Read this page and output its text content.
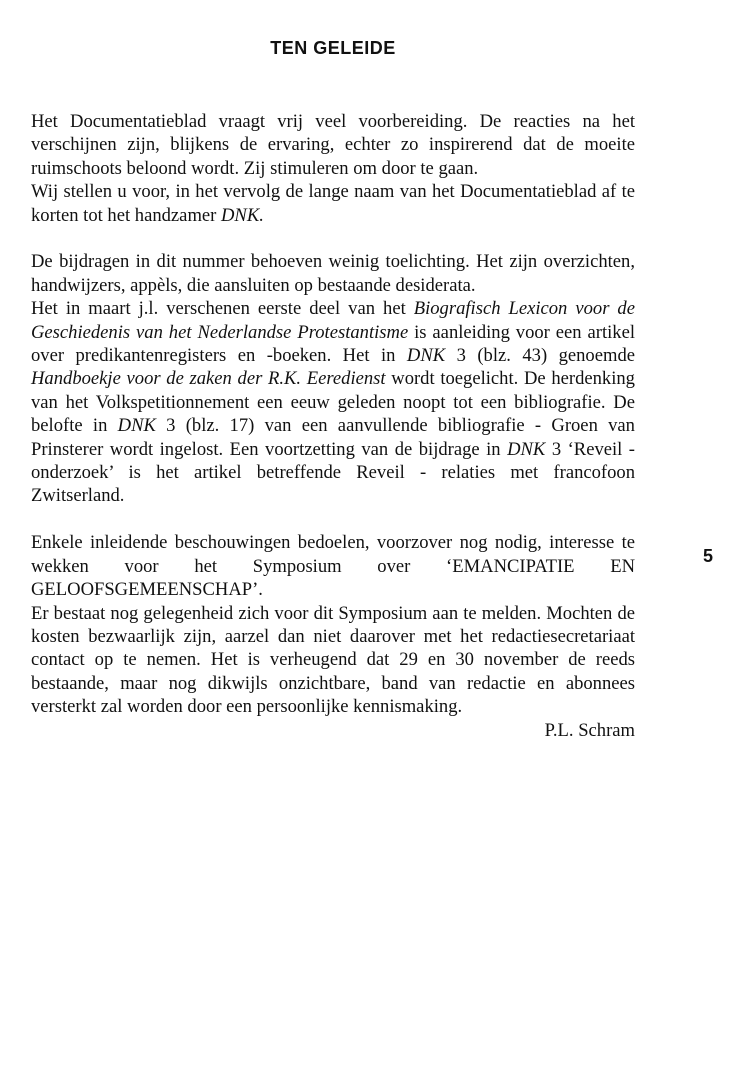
TEN GELEIDE

Het Documentatieblad vraagt vrij veel voorbereiding. De reacties na het verschijnen zijn, blijkens de ervaring, echter zo inspirerend dat de moeite ruimschoots beloond wordt. Zij stimuleren om door te gaan.

Wij stellen u voor, in het vervolg de lange naam van het Documentatieblad af te korten tot het handzamer DNK.

De bijdragen in dit nummer behoeven weinig toelichting. Het zijn overzichten, handwijzers, appèls, die aansluiten op bestaande desiderata.

Het in maart j.l. verschenen eerste deel van het Biografisch Lexicon voor de Geschiedenis van het Nederlandse Protestantisme is aanleiding voor een artikel over predikantenregisters en -boeken. Het in DNK 3 (blz. 43) genoemde Handboekje voor de zaken der R.K. Eeredienst wordt toegelicht. De herdenking van het Volkspetitionnement een eeuw geleden noopt tot een bibliografie. De belofte in DNK 3 (blz. 17) van een aanvullende bibliografie - Groen van Prinsterer wordt ingelost. Een voortzetting van de bijdrage in DNK 3 ‘Reveil - onderzoek’ is het artikel betreffende Reveil - relaties met francofoon Zwitserland.

Enkele inleidende beschouwingen bedoelen, voorzover nog nodig, interesse te wekken voor het Symposium over ‘EMANCIPATIE EN GELOOFSGEMEENSCHAP’.

Er bestaat nog gelegenheid zich voor dit Symposium aan te melden. Mochten de kosten bezwaarlijk zijn, aarzel dan niet daarover met het redactiesecretariaat contact op te nemen. Het is verheugend dat 29 en 30 november de reeds bestaande, maar nog dikwijls onzichtbare, band van redactie en abonnees versterkt zal worden door een persoonlijke kennismaking.

P.L. Schram

5
